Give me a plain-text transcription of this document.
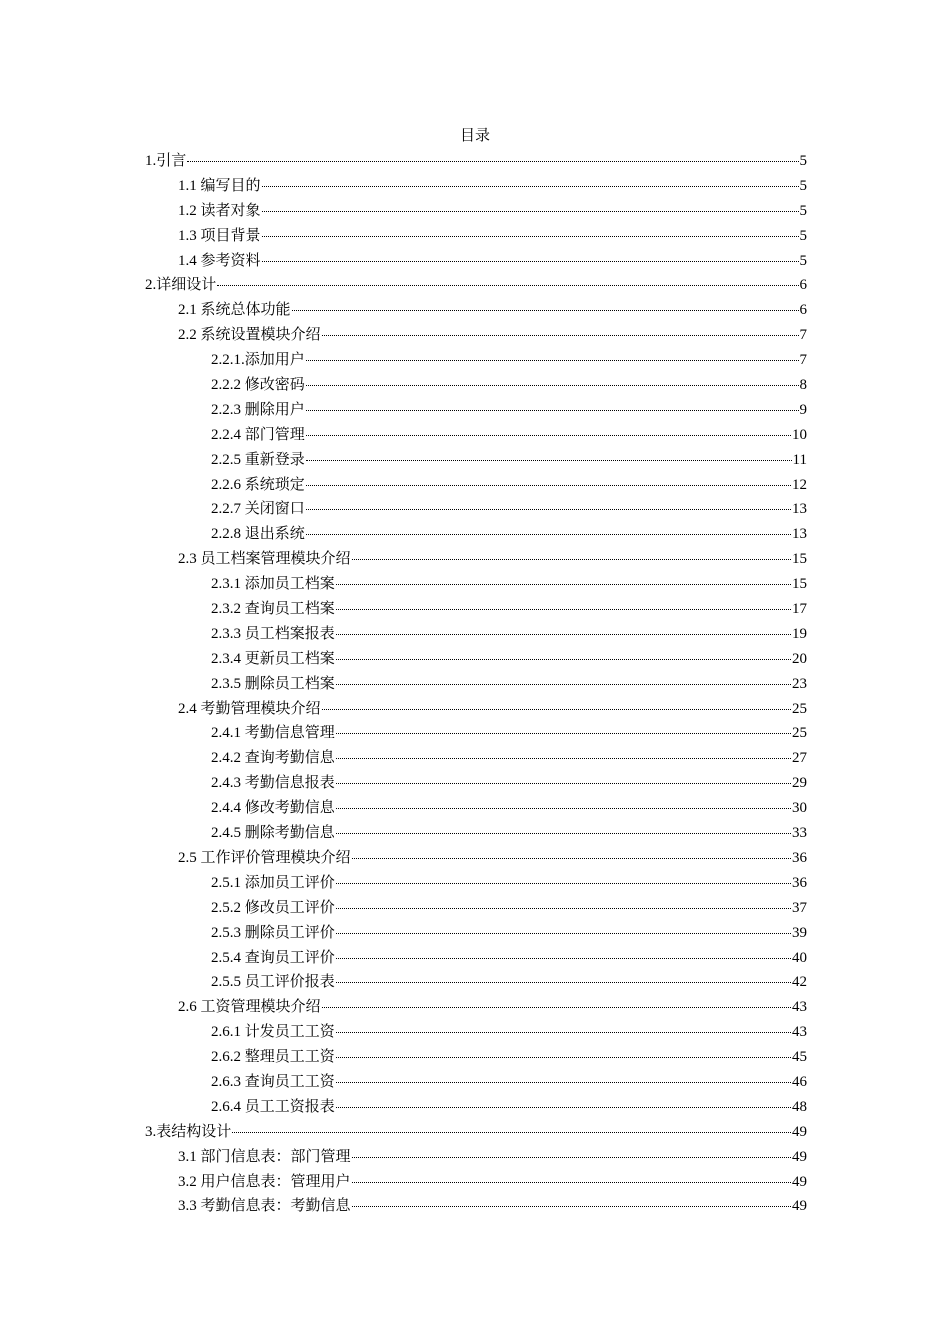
目录
1.引言	5
1.1 编写目的	5
1.2 读者对象	5
1.3 项目背景	5
1.4 参考资料	5
2.详细设计	6
2.1 系统总体功能	6
2.2 系统设置模块介绍	7
2.2.1.添加用户	7
2.2.2 修改密码	8
2.2.3 删除用户	9
2.2.4 部门管理	10
2.2.5 重新登录	11
2.2.6 系统琐定	12
2.2.7 关闭窗口	13
2.2.8 退出系统	13
2.3 员工档案管理模块介绍	15
2.3.1 添加员工档案	15
2.3.2 查询员工档案	17
2.3.3 员工档案报表	19
2.3.4 更新员工档案	20
2.3.5 删除员工档案	23
2.4 考勤管理模块介绍	25
2.4.1 考勤信息管理	25
2.4.2 查询考勤信息	27
2.4.3 考勤信息报表	29
2.4.4 修改考勤信息	30
2.4.5 删除考勤信息	33
2.5 工作评价管理模块介绍	36
2.5.1 添加员工评价	36
2.5.2 修改员工评价	37
2.5.3 删除员工评价	39
2.5.4 查询员工评价	40
2.5.5 员工评价报表	42
2.6 工资管理模块介绍	43
2.6.1 计发员工工资	43
2.6.2 整理员工工资	45
2.6.3 查询员工工资	46
2.6.4 员工工资报表	48
3.表结构设计	49
3.1 部门信息表：部门管理	49
3.2 用户信息表：管理用户	49
3.3 考勤信息表：考勤信息	49
